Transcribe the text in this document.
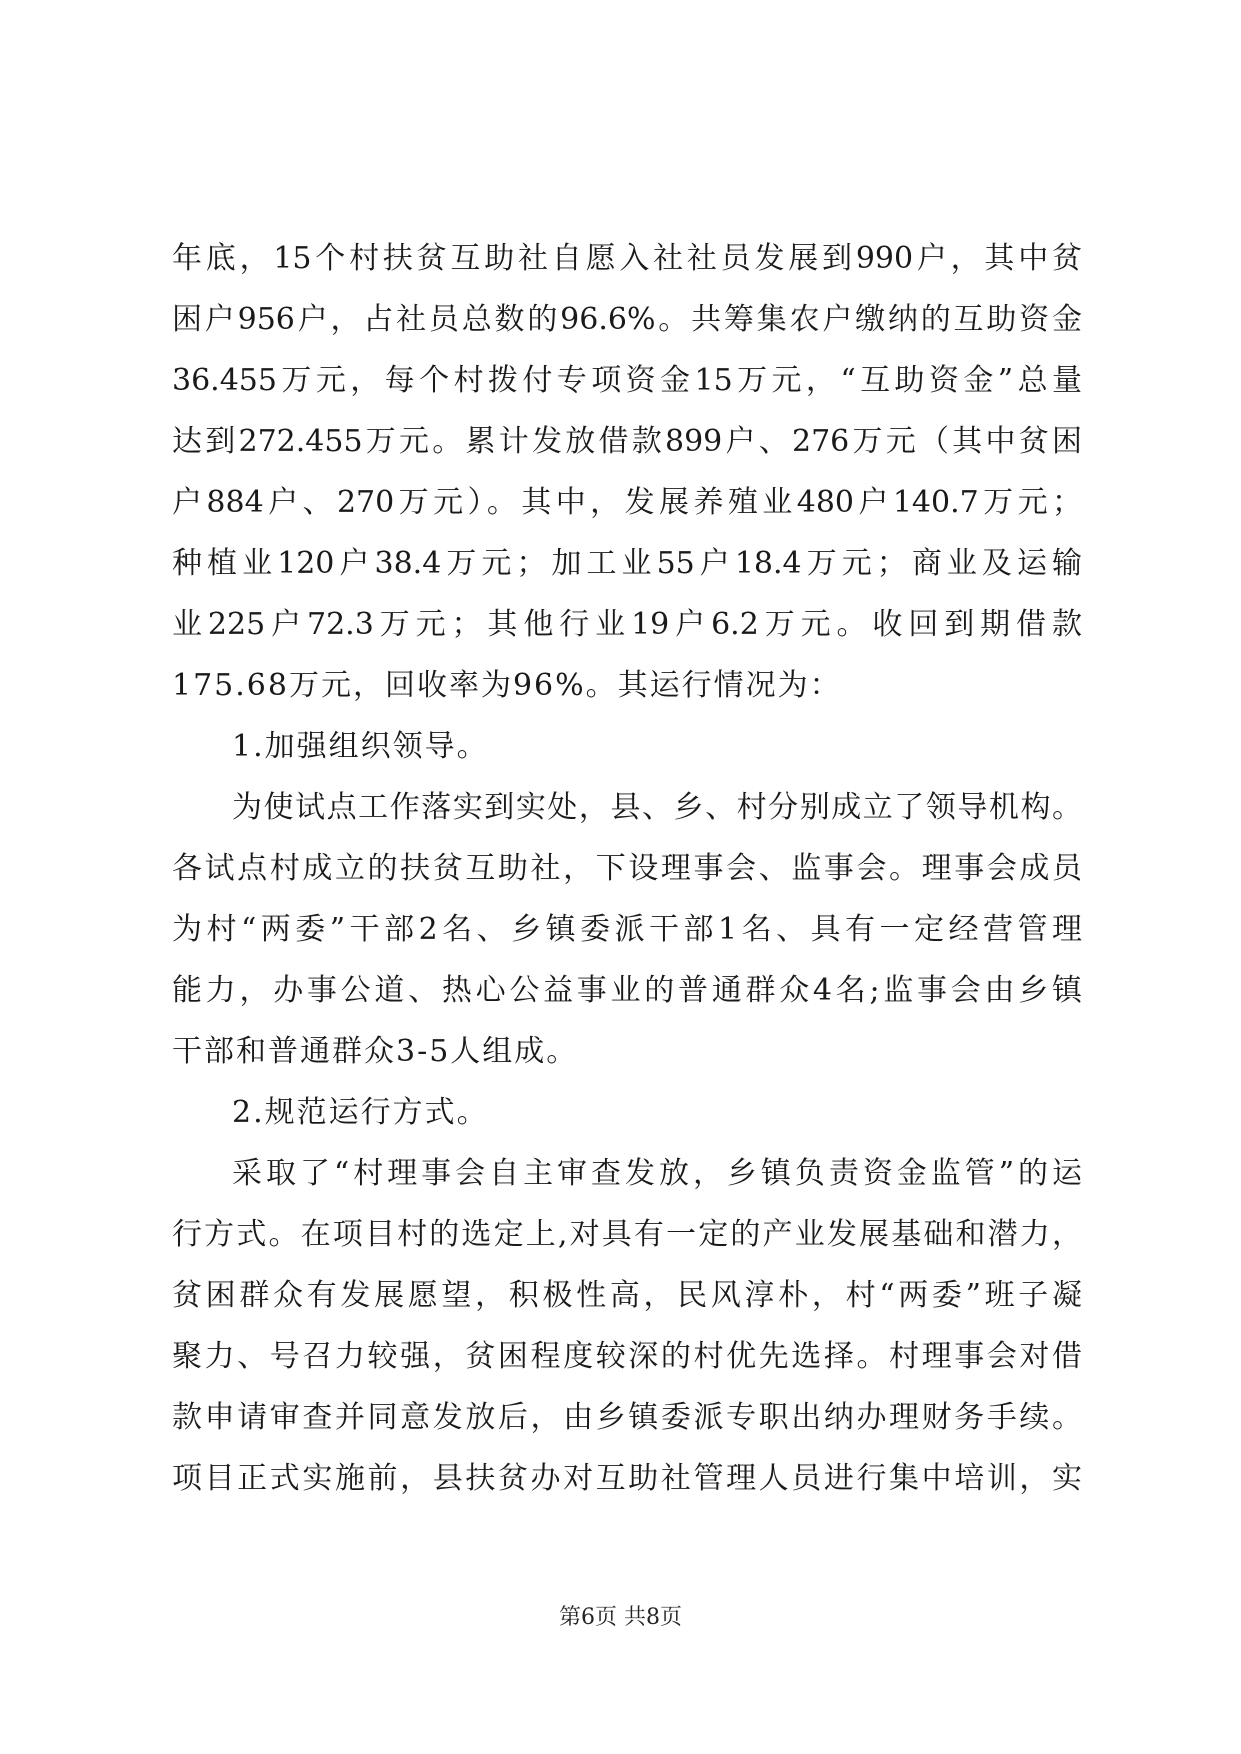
年底，15个村扶贫互助社自愿入社社员发展到990户，其中贫
困户956户，占社员总数的96.6%。共筹集农户缴纳的互助资金
36.455万元，每个村拨付专项资金15万元，“互助资金”总量
达到272.455万元。累计发放借款899户、276万元（其中贫困
户884户、270万元）。其中，发展养殖业480户140.7万元；
种植业120户38.4万元；加工业55户18.4万元；商业及运输
业225户72.3万元；其他行业19户6.2万元。收回到期借款
175.68万元，回收率为96%。其运行情况为：
1.加强组织领导。
为使试点工作落实到实处，县、乡、村分别成立了领导机构。
各试点村成立的扶贫互助社，下设理事会、监事会。理事会成员
为村“两委”干部2名、乡镇委派干部1名、具有一定经营管理
能力，办事公道、热心公益事业的普通群众4名;监事会由乡镇
干部和普通群众3-5人组成。
2.规范运行方式。
采取了“村理事会自主审查发放，乡镇负责资金监管”的运
行方式。在项目村的选定上,对具有一定的产业发展基础和潜力，
贫困群众有发展愿望，积极性高，民风淳朴，村“两委”班子凝
聚力、号召力较强，贫困程度较深的村优先选择。村理事会对借
款申请审查并同意发放后，由乡镇委派专职出纳办理财务手续。
项目正式实施前，县扶贫办对互助社管理人员进行集中培训，实
第6页 共8页
